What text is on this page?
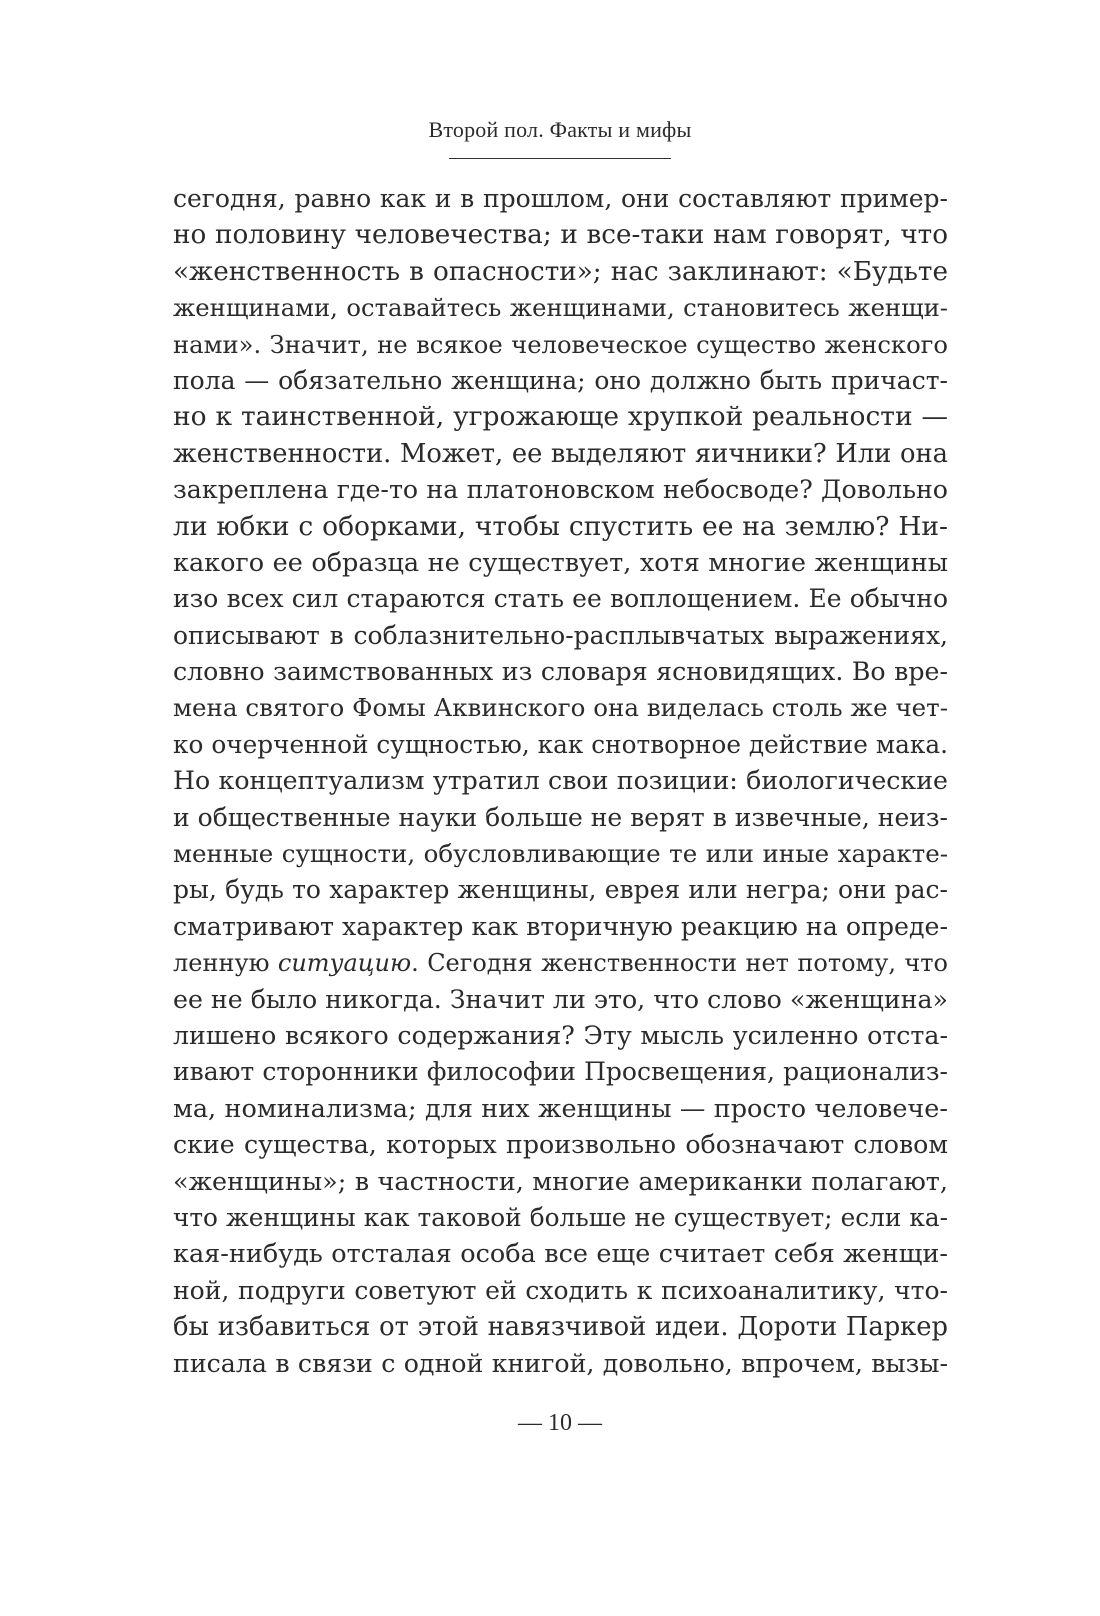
Второй пол. Факты и мифы
сегодня, равно как и в прошлом, они составляют пример-
но половину человечества; и все-таки нам говорят, что
«женственность в опасности»; нас заклинают: «Будьте
женщинами, оставайтесь женщинами, становитесь женщи-
нами». Значит, не всякое человеческое существо женского
пола — обязательно женщина; оно должно быть причаст-
но к таинственной, угрожающе хрупкой реальности —
женственности. Может, ее выделяют яичники? Или она
закреплена где-то на платоновском небосводе? Довольно
ли юбки с оборками, чтобы спустить ее на землю? Ни-
какого ее образца не существует, хотя многие женщины
изо всех сил стараются стать ее воплощением. Ее обычно
описывают в соблазнительно-расплывчатых выражениях,
словно заимствованных из словаря ясновидящих. Во вре-
мена святого Фомы Аквинского она виделась столь же чет-
ко очерченной сущностью, как снотворное действие мака.
Но концептуализм утратил свои позиции: биологические
и общественные науки больше не верят в извечные, неиз-
менные сущности, обусловливающие те или иные характе-
ры, будь то характер женщины, еврея или негра; они рас-
сматривают характер как вторичную реакцию на опреде-
ленную ситуацию. Сегодня женственности нет потому, что
ее не было никогда. Значит ли это, что слово «женщина»
лишено всякого содержания? Эту мысль усиленно отста-
ивают сторонники философии Просвещения, рационализ-
ма, номинализма; для них женщины — просто человече-
ские существа, которых произвольно обозначают словом
«женщины»; в частности, многие американки полагают,
что женщины как таковой больше не существует; если ка-
кая-нибудь отсталая особа все еще считает себя женщи-
ной, подруги советуют ей сходить к психоаналитику, что-
бы избавиться от этой навязчивой идеи. Дороти Паркер
писала в связи с одной книгой, довольно, впрочем, вызы-
— 10 —
